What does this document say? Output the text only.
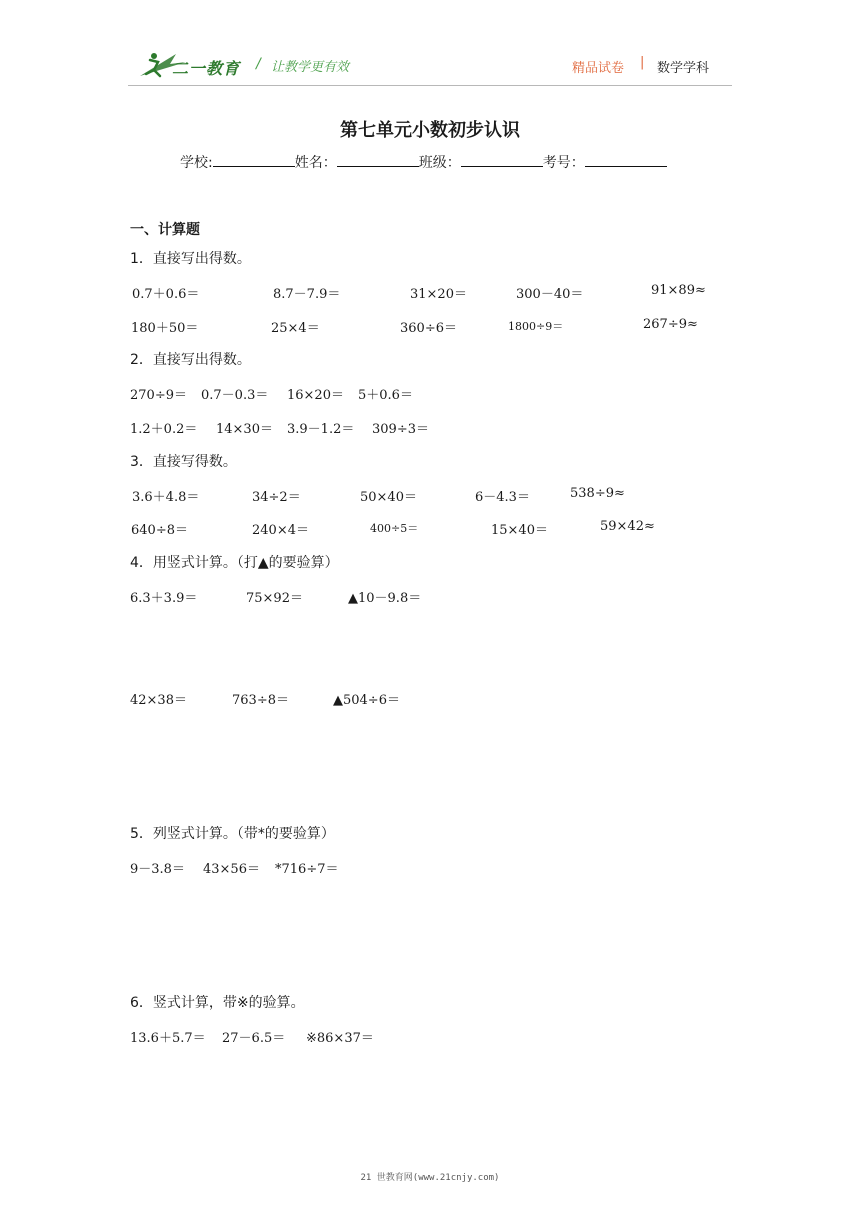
二一教育 / 让教学更有效	精品试卷 | 数学学科
第七单元小数初步认识
学校:	姓名：	班级：	考号：
一、计算题
1．直接写出得数。
0.7＋0.6＝	8.7－7.9＝	31×20＝	300－40＝	91×89≈
180＋50＝	25×4＝	360÷6＝	1800÷9＝	267÷9≈
2．直接写出得数。
270÷9＝ 0.7－0.3＝ 16×20＝ 5＋0.6＝
1.2＋0.2＝ 14×30＝ 3.9－1.2＝ 309÷3＝
3．直接写得数。
3.6＋4.8＝	34÷2＝	50×40＝	6－4.3＝	538÷9≈
640÷8＝	240×4＝	400÷5＝	15×40＝	59×42≈
4．用竖式计算。（打▲的要验算）
6.3＋3.9＝	75×92＝	▲10－9.8＝
42×38＝	763÷8＝	▲504÷6＝
5．列竖式计算。（带*的要验算）
9－3.8＝ 43×56＝ *716÷7＝
6．竖式计算，带※的验算。
13.6＋5.7＝ 27－6.5＝ ※86×37＝
21 世教育网(www.21cnjy.com)
